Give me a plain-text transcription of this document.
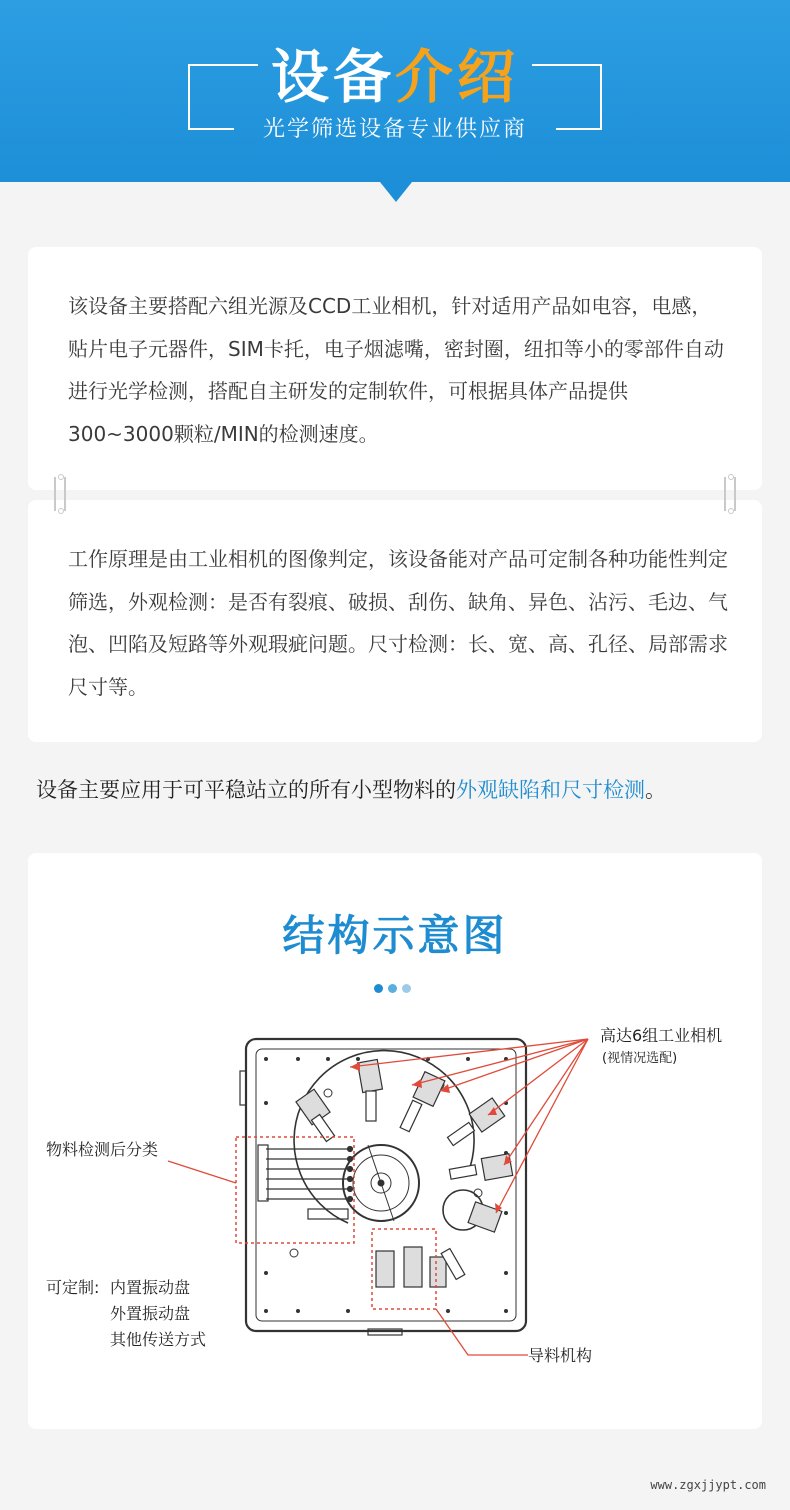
设备介绍
光学筛选设备专业供应商

该设备主要搭配六组光源及CCD工业相机，针对适用产品如电容，电感，贴片电子元器件，SIM卡托，电子烟滤嘴，密封圈，纽扣等小的零部件自动进行光学检测，搭配自主研发的定制软件，可根据具体产品提供300~3000颗粒/MIN的检测速度。

工作原理是由工业相机的图像判定，该设备能对产品可定制各种功能性判定筛选，外观检测：是否有裂痕、破损、刮伤、缺角、异色、沾污、毛边、气泡、凹陷及短路等外观瑕疵问题。尺寸检测：长、宽、高、孔径、局部需求尺寸等。

设备主要应用于可平稳站立的所有小型物料的外观缺陷和尺寸检测。
结构示意图
高达6组工业相机
(视情况选配)
物料检测后分类
可定制: 内置振动盘
外置振动盘
其他传送方式
导料机构
www.zgxjjypt.com
